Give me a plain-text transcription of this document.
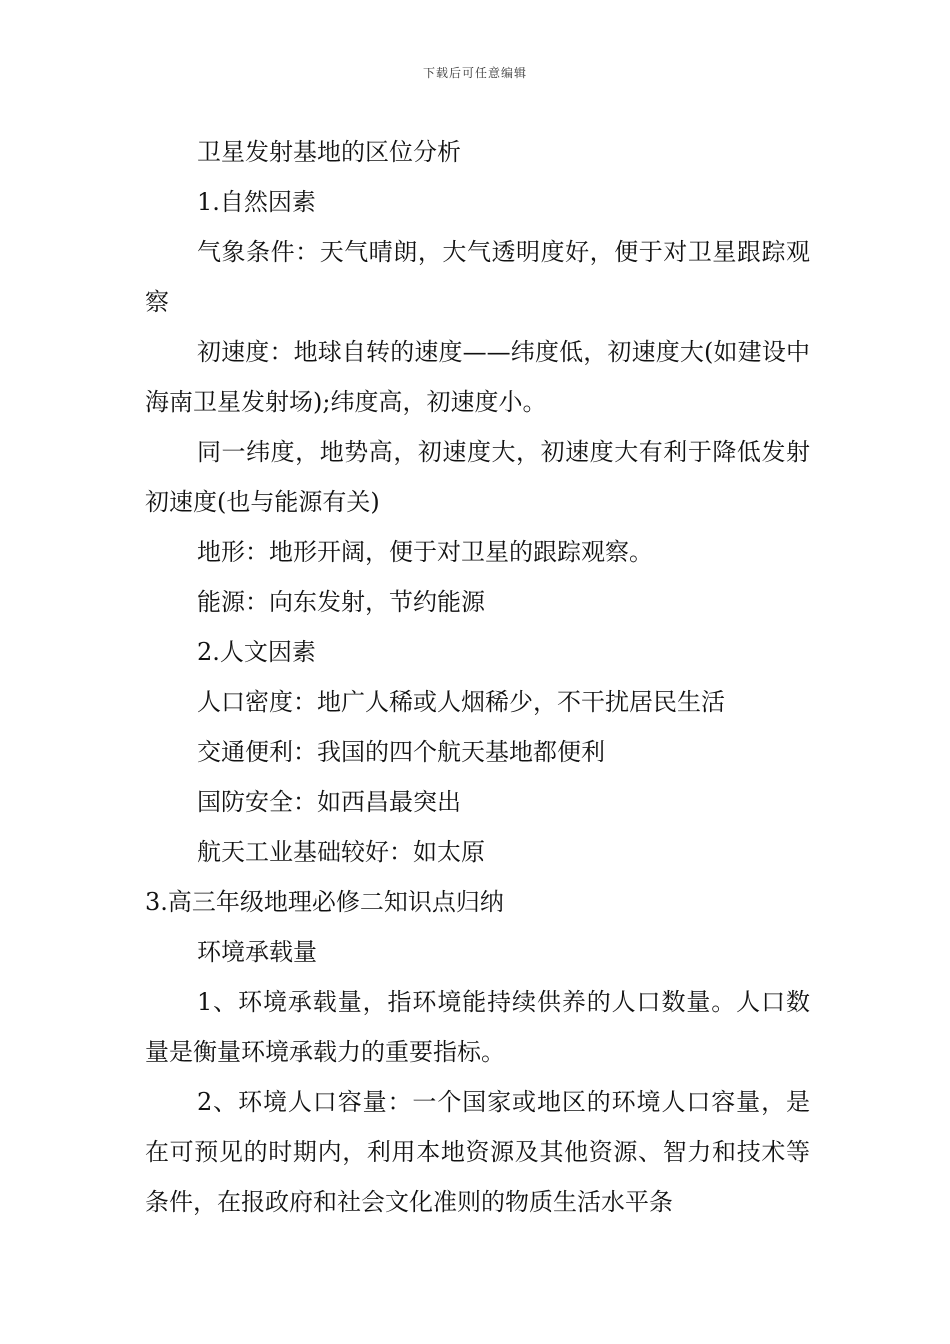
下载后可任意编辑

卫星发射基地的区位分析

1.自然因素

气象条件：天气晴朗，大气透明度好，便于对卫星跟踪观察

初速度：地球自转的速度——纬度低，初速度大(如建设中海南卫星发射场);纬度高，初速度小。

同一纬度，地势高，初速度大，初速度大有利于降低发射初速度(也与能源有关)

地形：地形开阔，便于对卫星的跟踪观察。

能源：向东发射，节约能源

2.人文因素

人口密度：地广人稀或人烟稀少，不干扰居民生活

交通便利：我国的四个航天基地都便利

国防安全：如西昌最突出

航天工业基础较好：如太原

3.高三年级地理必修二知识点归纳

环境承载量

1、环境承载量，指环境能持续供养的人口数量。人口数量是衡量环境承载力的重要指标。

2、环境人口容量：一个国家或地区的环境人口容量，是在可预见的时期内，利用本地资源及其他资源、智力和技术等条件，在报政府和社会文化准则的物质生活水平条
